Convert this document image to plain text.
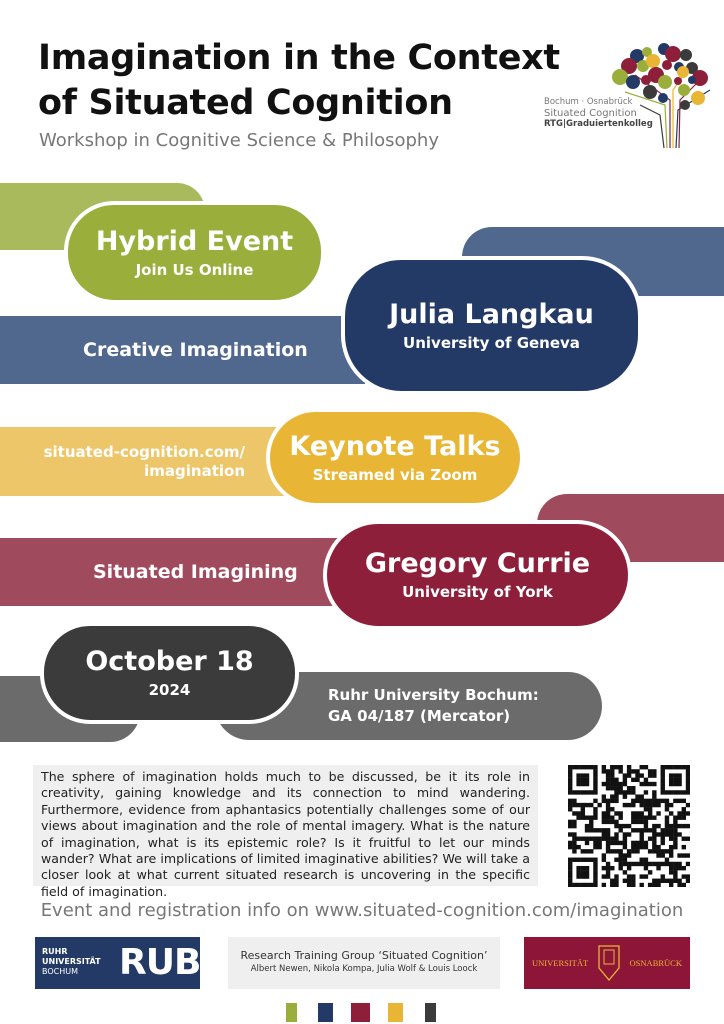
Imagination in the Context
of Situated Cognition
Workshop in Cognitive Science & Philosophy
Bochum · Osnabrück
Situated Cognition
RTG|Graduiertenkolleg
Creative Imagination
situated-cognition.com/
imagination
Situated Imagining
Ruhr University Bochum:
GA 04/187 (Mercator)
Hybrid Event
Join Us Online
Julia Langkau
University of Geneva
Keynote Talks
Streamed via Zoom
Gregory Currie
University of York
October 18
2024
The sphere of imagination holds much to be discussed, be it its role in creativity, gaining knowledge and its connection to mind wandering. Furthermore, evidence from aphantasics potentially challenges some of our views about imagination and the role of mental imagery. What is the nature of imagination, what is its epistemic role? Is it fruitful to let our minds wander? What are implications of limited imaginative abilities? We will take a closer look at what current situated research is uncovering in the specific field of imagination.
Event and registration info on www.situated-cognition.com/imagination
RUHR
UNIVERSITÄT
BOCHUM	RUB	Research Training Group ‘Situated Cognition’
Albert Newen, Nikola Kompa, Julia Wolf & Louis Loock
UNIVERSITÄT	OSNABRÜCK
